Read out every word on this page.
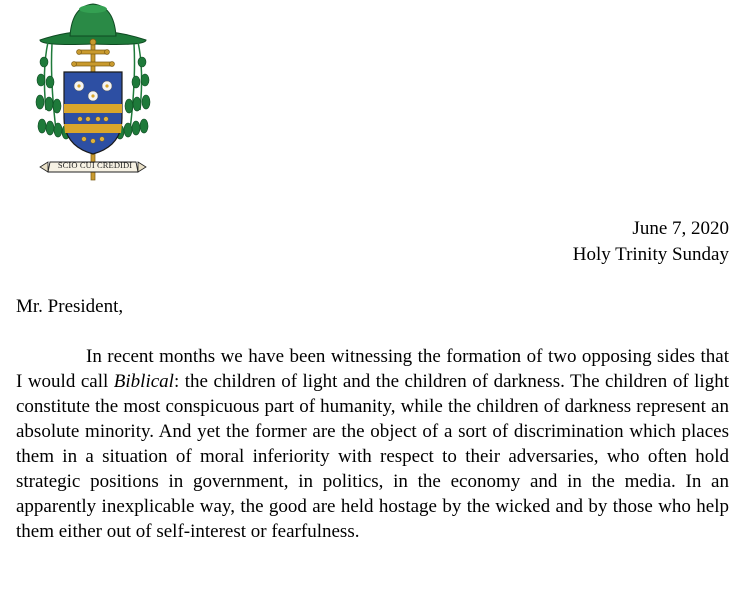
SCIO CUI CREDIDI
June 7, 2020
Holy Trinity Sunday
Mr. President,

In recent months we have been witnessing the formation of two opposing sides that I would call Biblical: the children of light and the children of darkness. The children of light constitute the most conspicuous part of humanity, while the children of darkness represent an absolute minority. And yet the former are the object of a sort of discrimination which places them in a situation of moral inferiority with respect to their adversaries, who often hold strategic positions in government, in politics, in the economy and in the media. In an apparently inexplicable way, the good are held hostage by the wicked and by those who help them either out of self-interest or fearfulness.
